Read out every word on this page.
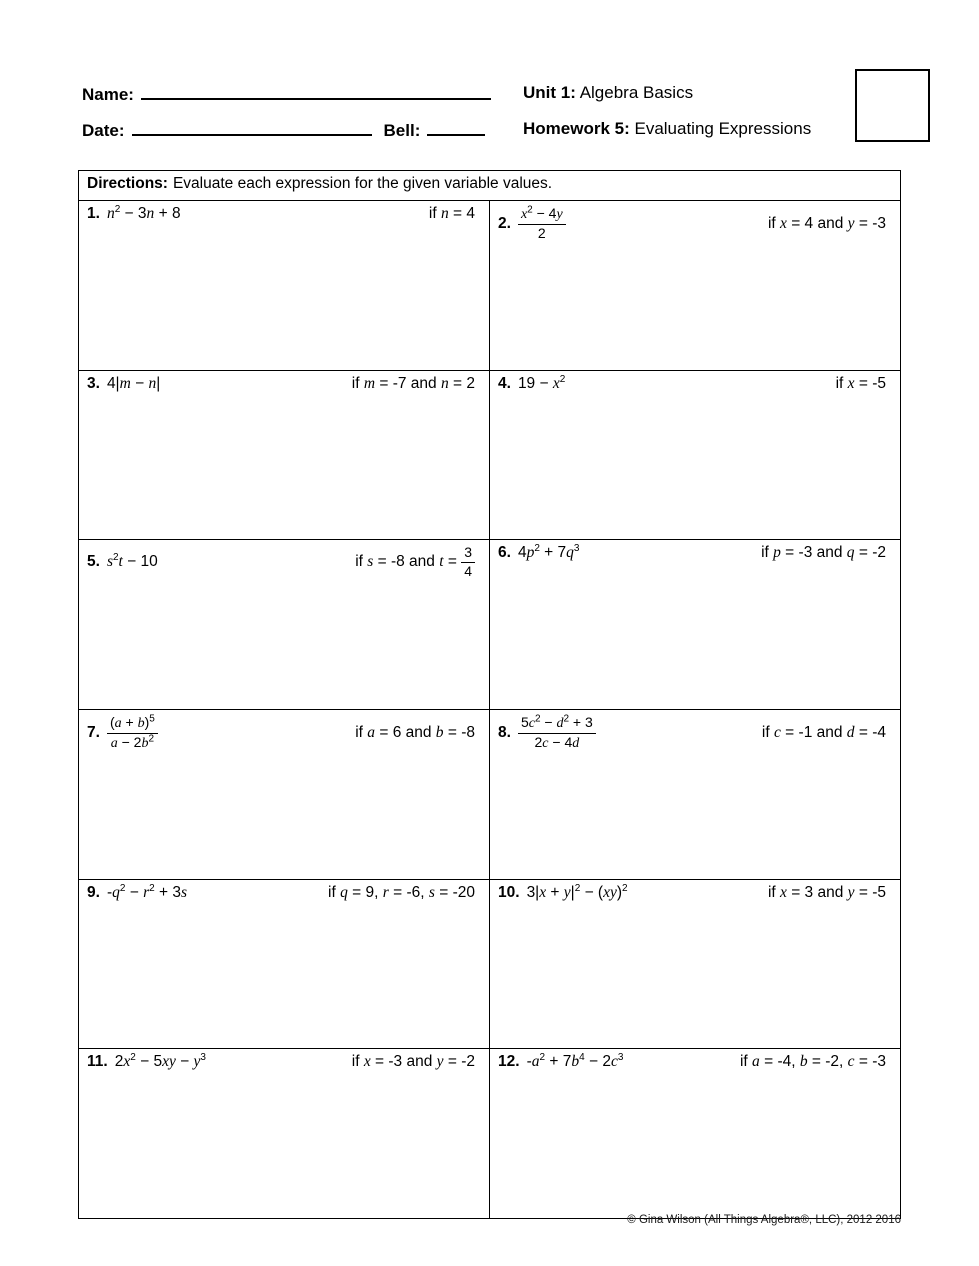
Name:
Date:	Bell:
Unit 1: Algebra Basics
Homework 5: Evaluating Expressions
Directions: Evaluate each expression for the given variable values.	

1. $n^2 - 3n + 8$ if n = 4	2. $\frac{x^2 - 4y}{2}$ if x = 4 and y = -3

3. 4|m − n| if m = -7 and n = 2	4. $19 - x^2$ if x = -5

5. $s^2t - 10$ if s = -8 and $t = \frac{3}{4}$	6. $4p^2 + 7q^3$ if p = -3 and q = -2

7. $\frac{(a + b)^5}{a - 2b^2}$ if a = 6 and b = -8	8. $\frac{5c^2 - d^2 + 3}{2c - 4d}$ if c = -1 and d = -4

9. $-q^2 - r^2 + 3s$ if q = 9, r = -6, s = -20	10. $3|x + y|^2 - (xy)^2$ if x = 3 and y = -5

11. $2x^2 - 5xy - y^3$ if x = -3 and y = -2	12. $-a^2 + 7b^4 - 2c^3$ if a = -4, b = -2, c = -3
© Gina Wilson (All Things Algebra®, LLC), 2012 2016
